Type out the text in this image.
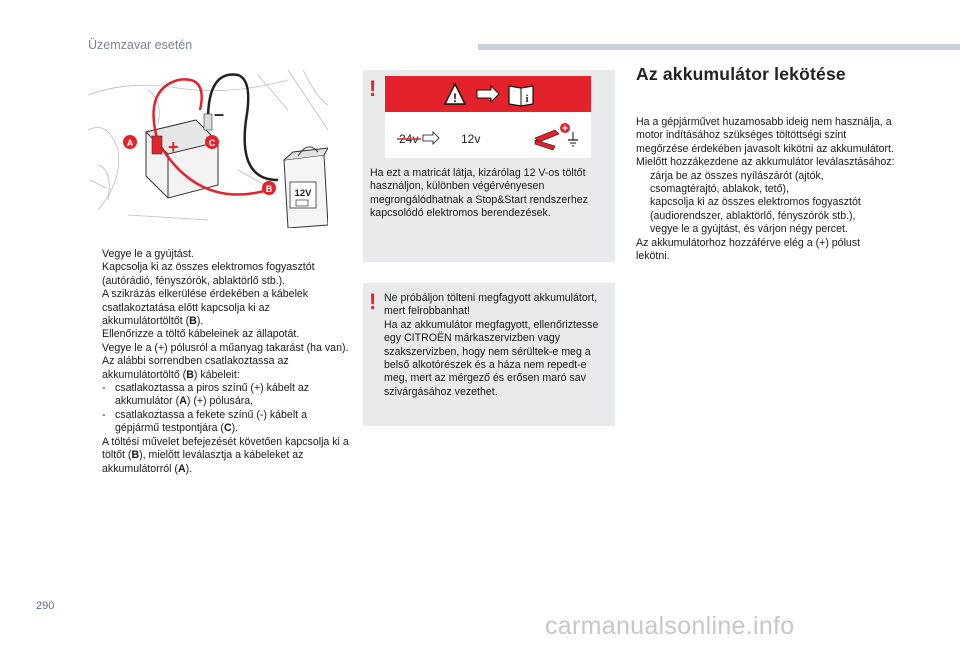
Üzemzavar esetén
+
–
A	C
B 12V
Vegye le a gyújtást.
Kapcsolja ki az összes elektromos fogyasztót (autórádió, fényszórók, ablaktörlő stb.).
A szikrázás elkerülése érdekében a kábelek csatlakoztatása előtt kapcsolja ki az akkumulátortöltőt (B).
Ellenőrizze a töltő kábeleinek az állapotát.
Vegye le a (+) pólusról a műanyag takarást (ha van).
Az alábbi sorrendben csatlakoztassa az akkumulátortöltő (B) kábeleit:
- csatlakoztassa a piros színű (+) kábelt az akkumulátor (A) (+) pólusára,
- csatlakoztassa a fekete színű (-) kábelt a gépjármű testpontjára (C).
A töltési művelet befejezését követően kapcsolja ki a töltőt (B), mielőtt leválasztja a kábeleket az akkumulátorról (A).
!	!	i
24v	12v
Ha ezt a matricát látja, kizárólag 12 V-os töltőt használjon, különben végérvényesen megrongálódhatnak a Stop&Start rendszerhez kapcsolódó elektromos berendezések.
! Ne próbáljon tölteni megfagyott akkumulátort, mert felrobbanhat!
Ha az akkumulátor megfagyott, ellenőriztesse egy CITROËN márkaszervizben vagy szakszervizben, hogy nem sérültek-e meg a belső alkotórészek és a háza nem repedt-e meg, mert az mérgező és erősen maró sav szivárgásához vezethet.
Az akkumulátor lekötése
Ha a gépjárművet huzamosabb ideig nem használja, a motor indításához szükséges töltöttségi szint megőrzése érdekében javasolt kikötni az akkumulátort.
Mielőtt hozzákezdene az akkumulátor leválasztásához:
zárja be az összes nyílászárót (ajtók, csomagtérajtó, ablakok, tető),
kapcsolja ki az összes elektromos fogyasztót (audiorendszer, ablaktörlő, fényszórók stb.),
vegye le a gyújtást, és várjon négy percet.
Az akkumulátorhoz hozzáférve elég a (+) pólust lekötni.
290
carmanualsonline.info
